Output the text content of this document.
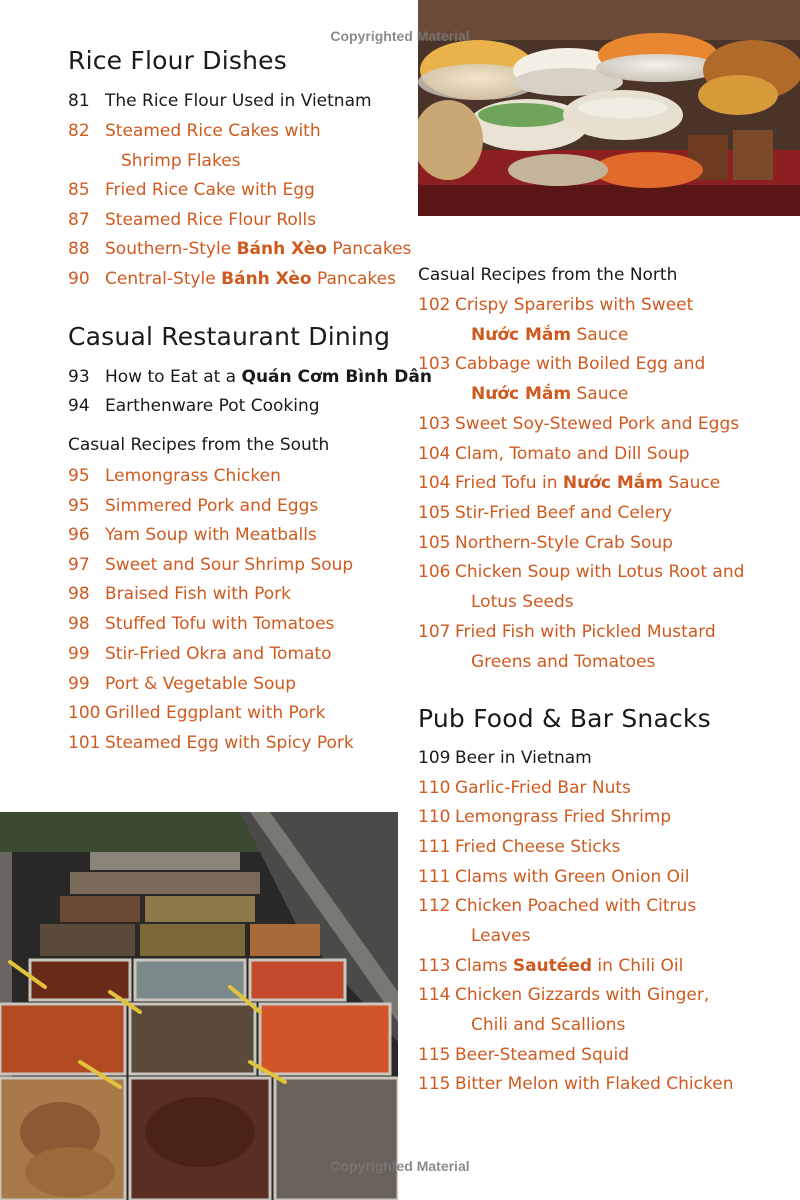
Copyrighted Material
Copyrighted Material
Rice Flour Dishes
81 The Rice Flour Used in Vietnam
82 Steamed Rice Cakes with
Shrimp Flakes
85 Fried Rice Cake with Egg
87 Steamed Rice Flour Rolls
88 Southern-Style Bánh Xèo Pancakes
90 Central-Style Bánh Xèo Pancakes
Casual Restaurant Dining
93 How to Eat at a Quán Cơm Bình Dân
94 Earthenware Pot Cooking
Casual Recipes from the South
95 Lemongrass Chicken
95 Simmered Pork and Eggs
96 Yam Soup with Meatballs
97 Sweet and Sour Shrimp Soup
98 Braised Fish with Pork
98 Stuffed Tofu with Tomatoes
99 Stir-Fried Okra and Tomato
99 Port & Vegetable Soup
100 Grilled Eggplant with Pork
101 Steamed Egg with Spicy Pork
Casual Recipes from the North
102 Crispy Spareribs with Sweet
Nước Mắm Sauce
103 Cabbage with Boiled Egg and
Nước Mắm Sauce
103 Sweet Soy-Stewed Pork and Eggs
104 Clam, Tomato and Dill Soup
104 Fried Tofu in Nước Mắm Sauce
105 Stir-Fried Beef and Celery
105 Northern-Style Crab Soup
106 Chicken Soup with Lotus Root and
Lotus Seeds
107 Fried Fish with Pickled Mustard
Greens and Tomatoes
Pub Food & Bar Snacks
109 Beer in Vietnam
110 Garlic-Fried Bar Nuts
110 Lemongrass Fried Shrimp
111 Fried Cheese Sticks
111 Clams with Green Onion Oil
112 Chicken Poached with Citrus
Leaves
113 Clams Sautéed in Chili Oil
114 Chicken Gizzards with Ginger,
Chili and Scallions
115 Beer-Steamed Squid
115 Bitter Melon with Flaked Chicken
